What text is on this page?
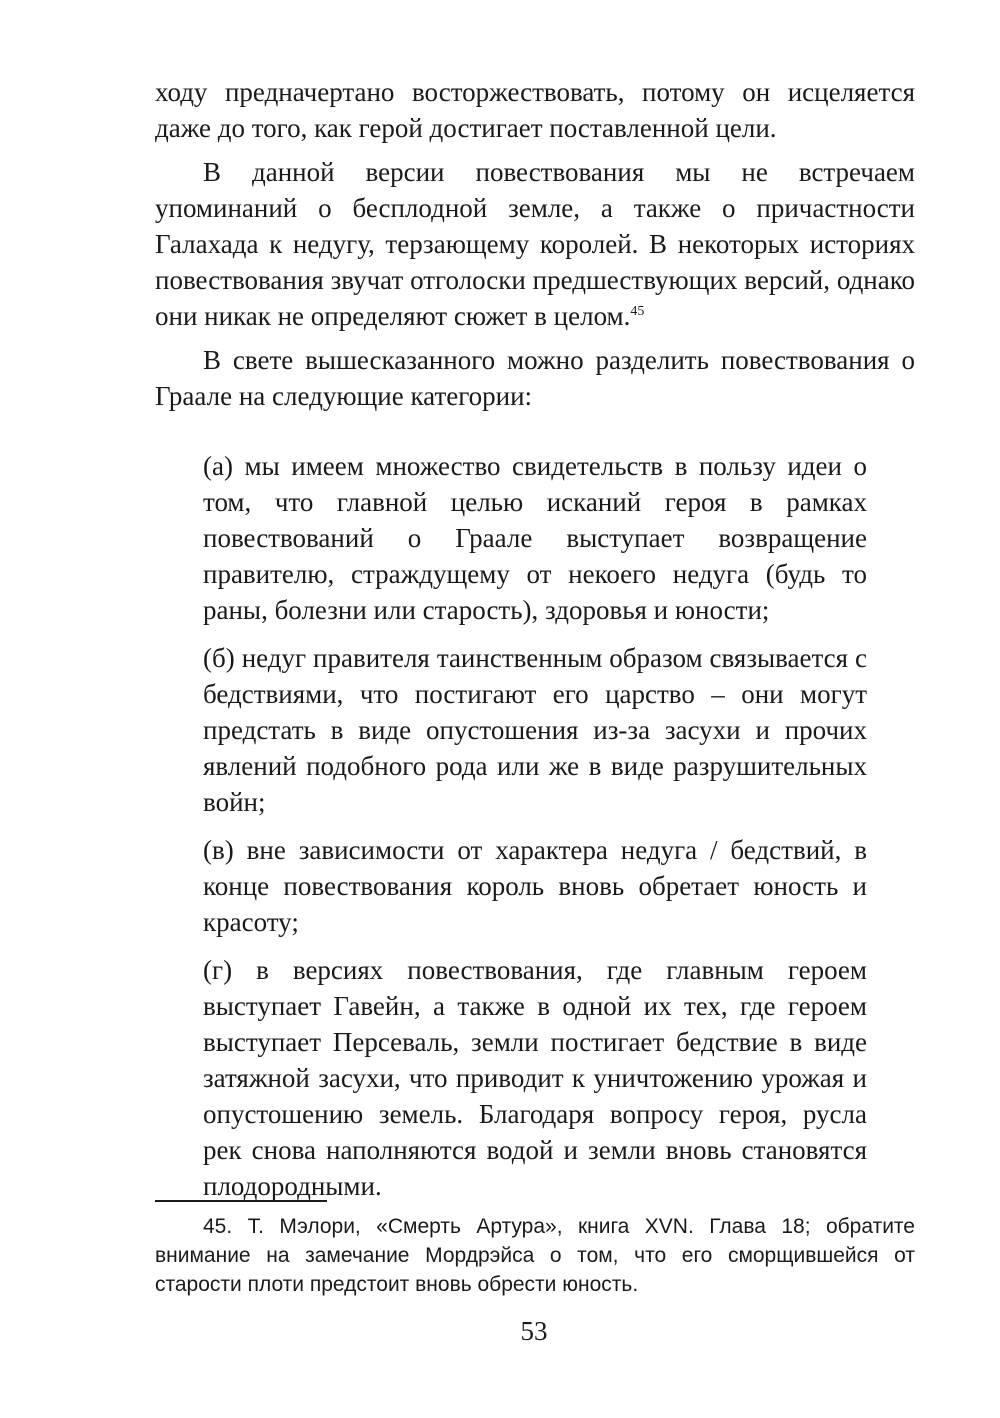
ходу предначертано восторжествовать, потому он исцеляется даже до того, как герой достигает поставленной цели.

В данной версии повествования мы не встречаем упоминаний о бесплодной земле, а также о причастности Галахада к недугу, терзающему королей. В некоторых историях повествования звучат отголоски предшествующих версий, однако они никак не определяют сюжет в целом.$^{45}$

В свете вышесказанного можно разделить повествования о Граале на следующие категории:

(а) мы имеем множество свидетельств в пользу идеи о том, что главной целью исканий героя в рамках повествований о Граале выступает возвращение правителю, страждущему от некоего недуга (будь то раны, болезни или старость), здоровья и юности;

(б) недуг правителя таинственным образом связывается с бедствиями, что постигают его царство – они могут предстать в виде опустошения из-за засухи и прочих явлений подобного рода или же в виде разрушительных войн;

(в) вне зависимости от характера недуга / бедствий, в конце повествования король вновь обретает юность и красоту;

(г) в версиях повествования, где главным героем выступает Гавейн, а также в одной их тех, где героем выступает Персеваль, земли постигает бедствие в виде затяжной засухи, что приводит к уничтожению урожая и опустошению земель. Благодаря вопросу героя, русла рек снова наполняются водой и земли вновь становятся плодородными.

45. Т. Мэлори, «Смерть Артура», книга XVN. Глава 18; обратите внимание на замечание Мордрэйса о том, что его сморщившейся от старости плоти предстоит вновь обрести юность.

53
